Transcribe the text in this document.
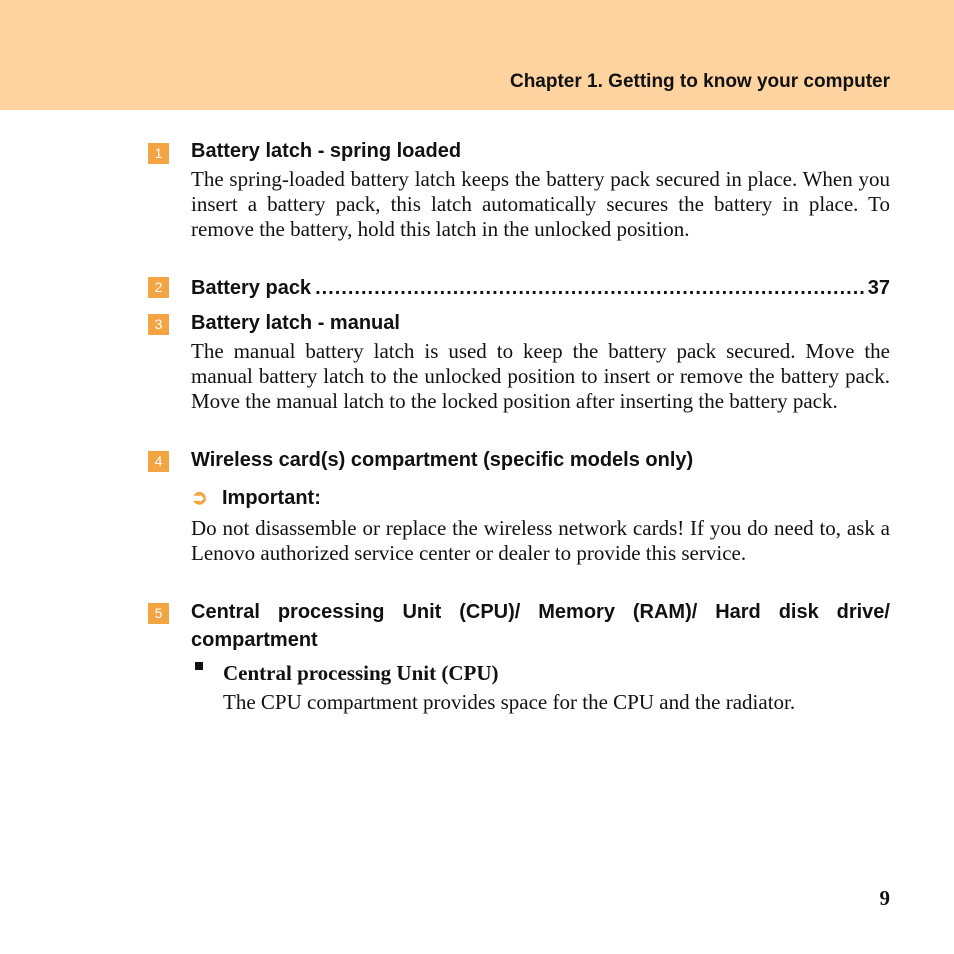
Chapter 1. Getting to know your computer
1	Battery latch - spring loaded
The spring-loaded battery latch keeps the battery pack secured in place. When you insert a battery pack, this latch automatically secures the battery in place. To remove the battery, hold this latch in the unlocked position.
2	Battery pack
.....	37
3	Battery latch - manual
The manual battery latch is used to keep the battery pack secured. Move the manual battery latch to the unlocked position to insert or remove the battery pack. Move the manual latch to the locked position after inserting the battery pack.
4	Wireless card(s) compartment (specific models only)
➲ Important:
Do not disassemble or replace the wireless network cards! If you do need to, ask a Lenovo authorized service center or dealer to provide this service.
5	Central processing Unit (CPU)/ Memory (RAM)/ Hard disk drive/ compartment
Central processing Unit (CPU)
The CPU compartment provides space for the CPU and the radiator.
9
